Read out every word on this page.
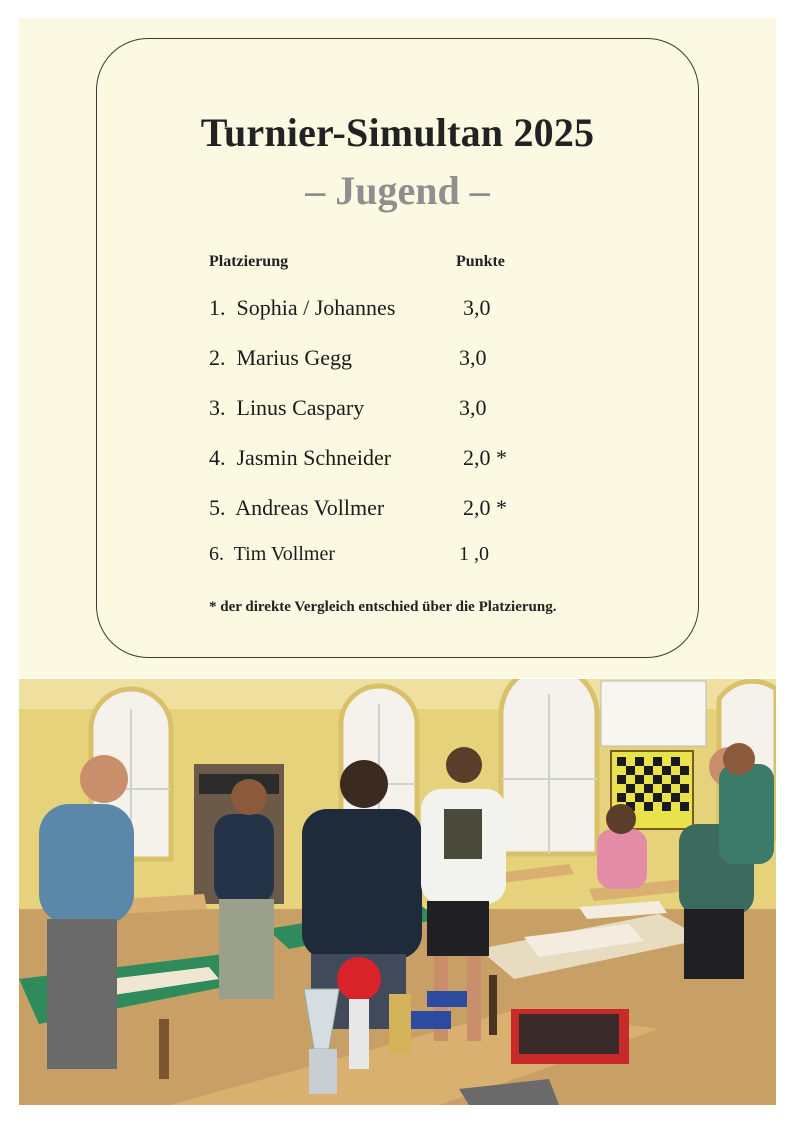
Turnier-Simultan 2025
– Jugend –
Platzierung	Punkte
1. Sophia / Johannes	3,0
2. Marius Gegg	3,0
3. Linus Caspary	3,0
4. Jasmin Schneider	2,0 *
5. Andreas Vollmer	2,0 *
6. Tim Vollmer	1 ,0
* der direkte Vergleich entschied über die Platzierung.
